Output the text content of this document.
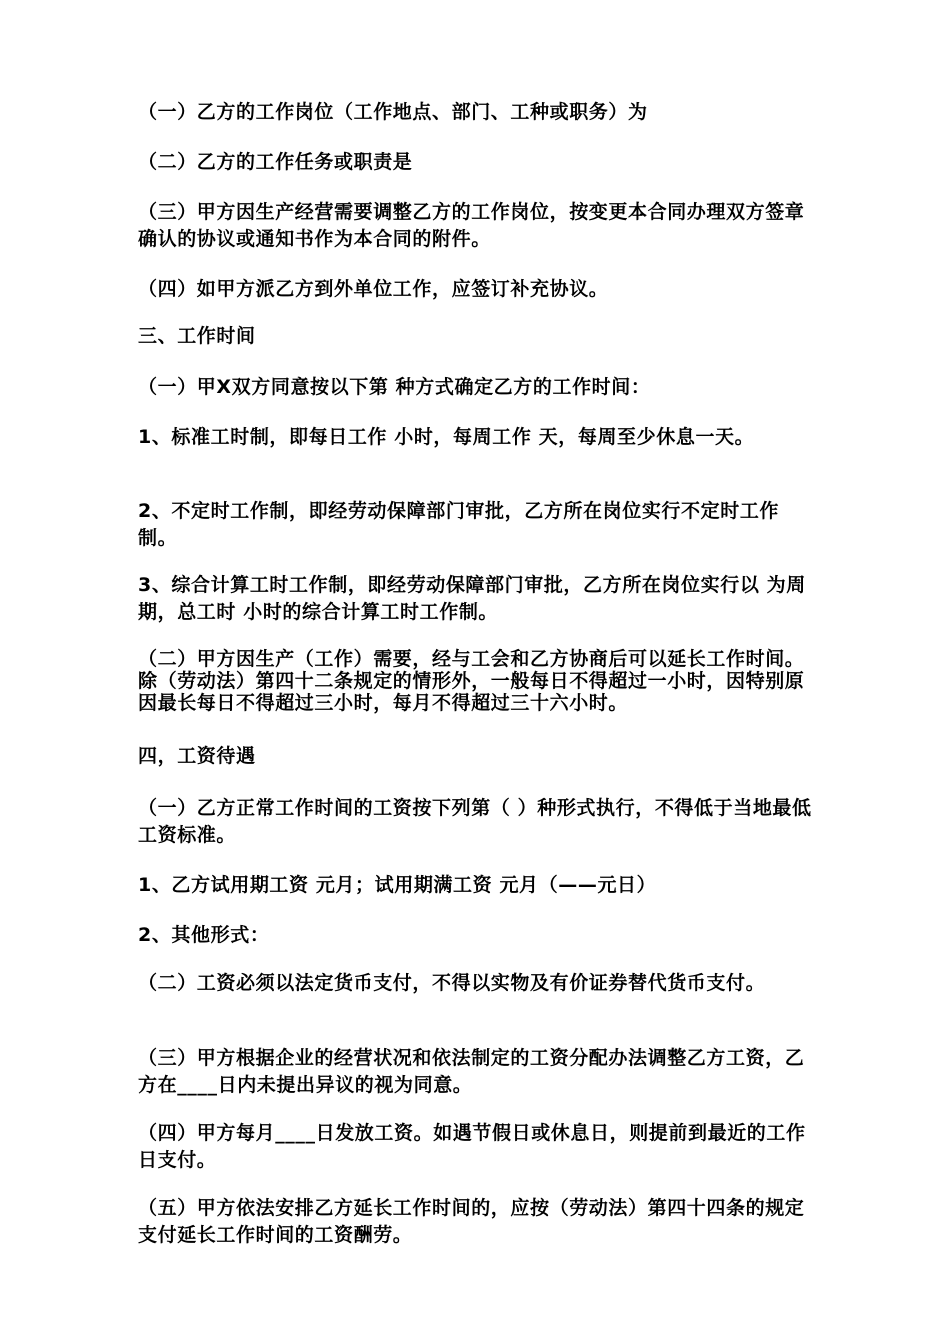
（一）乙方的工作岗位（工作地点、部门、工种或职务）为

（二）乙方的工作任务或职责是

（三）甲方因生产经营需要调整乙方的工作岗位，按变更本合同办理双方签章确认的协议或通知书作为本合同的附件。

（四）如甲方派乙方到外单位工作，应签订补充协议。

三、工作时间

（一）甲X双方同意按以下第 种方式确定乙方的工作时间：

1、标准工时制，即每日工作 小时，每周工作 天，每周至少休息一天。

2、不定时工作制，即经劳动保障部门审批，乙方所在岗位实行不定时工作制。

3、综合计算工时工作制，即经劳动保障部门审批，乙方所在岗位实行以 为周期，总工时 小时的综合计算工时工作制。

（二）甲方因生产（工作）需要，经与工会和乙方协商后可以延长工作时间。除（劳动法）第四十二条规定的情形外，一般每日不得超过一小时，因特别原因最长每日不得超过三小时，每月不得超过三十六小时。

四，工资待遇

（一）乙方正常工作时间的工资按下列第（ ）种形式执行，不得低于当地最低工资标准。

1、乙方试用期工资 元月；试用期满工资 元月（——元日）

2、其他形式：

（二）工资必须以法定货币支付，不得以实物及有价证券替代货币支付。

（三）甲方根据企业的经营状况和依法制定的工资分配办法调整乙方工资，乙方在____日内未提出异议的视为同意。

（四）甲方每月____日发放工资。如遇节假日或休息日，则提前到最近的工作日支付。

（五）甲方依法安排乙方延长工作时间的，应按（劳动法）第四十四条的规定支付延长工作时间的工资酬劳。
